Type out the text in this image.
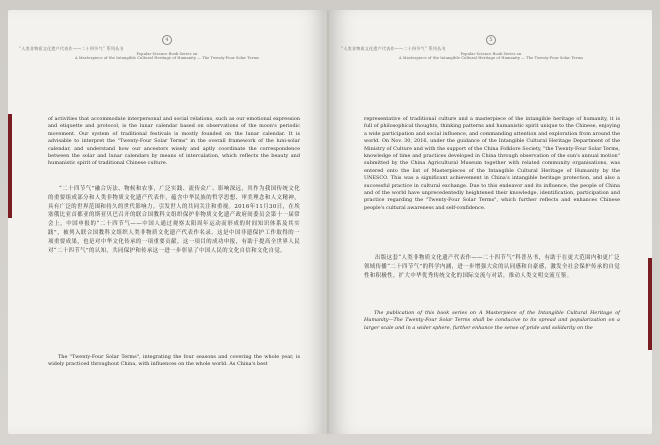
4
“人类非物质文化遗产代表作——二十四节气” 系列丛书
Popular Science Book Series on
A Masterpiece of the Intangible Cultural Heritage of Humanity — The Twenty-Four Solar Terms
of activities that accommodate interpersonal and social relations, such as our emotional expression and etiquette and protocol, is the lunar calendar based on observations of the moon's periodic movement. Our system of traditional festivals is mostly founded on the lunar calendar. It is advisable to interpret the "Twenty-Four Solar Terms" in the overall framework of the luni-solar calendar, and understand how our ancestors wisely and aptly coordinate the correspondence between the solar and lunar calendars by means of intercalation, which reflects the beauty and humanistic spirit of traditional Chinese culture.
“二十四节气”融合历法、物候和农事，广泛实践、流传众广、影响深远，其作为我国传统文化的重要组成部分和人类非物质文化遗产代表作，蕴含中华民族的哲学思想、审美理念和人文精神，具有广泛的世界范围和持久的世代影响力。引发世人的共同关注和重视。2016年11月30日，在埃塞俄比亚首都亚的斯亚贝巴召开的联合国教科文组织保护非物质文化遗产政府间委员会第十一届常会上，中国申报的“二十四节气——中国人通过观察太阳周年运动而形成的时间知识体系及其实践”，被列入联合国教科文组织人类非物质文化遗产代表作名录。这是中国非遗保护工作取得的一项重要成果，也是对中华文化传承的一项重要贡献。这一项目的成功申报，有助于提高全世界人民对“二十四节气”的认知，共同保护和传承这一进一步彰显了中国人民的文化自信和文化自觉。
The "Twenty-Four Solar Terms", integrating the four seasons and covering the whole year, is widely practiced throughout China, with influences on the whole world. As China's best
5
“人类非物质文化遗产代表作——二十四节气” 系列丛书
Popular Science Book Series on
A Masterpiece of the Intangible Cultural Heritage of Humanity — The Twenty-Four Solar Terms
representative of traditional culture and a masterpiece of the intangible heritage of humanity, it is full of philosophical thoughts, thinking patterns and humanistic spirit unique to the Chinese, enjoying a wide participation and social influence, and commanding attention and exploration from around the world. On Nov. 30, 2016, under the guidance of the Intangible Cultural Heritage Department of the Ministry of Culture and with the support of the China Folklore Society, "the Twenty-Four Solar Terms, knowledge of time and practices developed in China through observation of the sun's annual motion" submitted by the China Agricultural Museum together with related community organisations, was entered onto the list of Masterpieces of the Intangible Cultural Heritage of Humanity by the UNESCO. This was a significant achievement in China's intangible heritage protection, and also a successful practice in cultural exchange. Due to this endeavor and its influence, the people of China and of the world have unprecedentedly heightened their knowledge, identification, participation and practice regarding the "Twenty-Four Solar Terms", which further reflects and enhances Chinese people's cultural awareness and self-confidence.
出版这套“人类非物质文化遗产代表作——二十四节气”科普丛书，有助于在更大范围内和更广泛领域传播“二十四节气”的科学内涵，进一步增强大众的认同感和自豪感，激发全社会保护传承的自觉性和积极性，扩大中华优秀传统文化的国际交流与对话，推动人类文明交流互鉴。
The publication of this book series on A Masterpiece of the Intangible Cultural Heritage of Humanity—The Twenty-Four Solar Terms shall be conducive to its spread and popularization on a larger scale and in a wider sphere, further enhance the sense of pride and solidarity on the
